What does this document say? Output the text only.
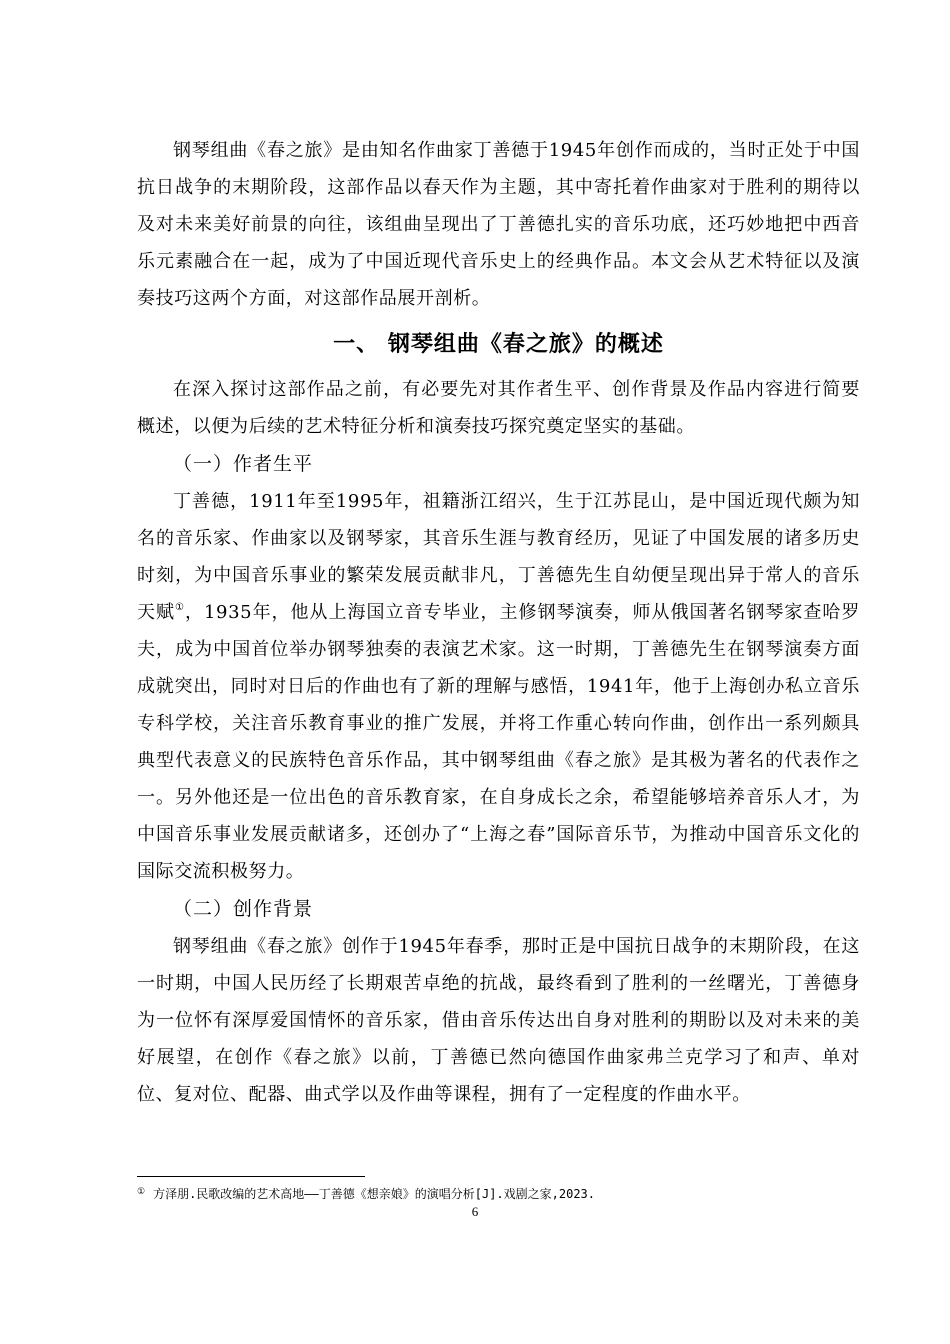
钢琴组曲《春之旅》是由知名作曲家丁善德于1945年创作而成的，当时正处于中国抗日战争的末期阶段，这部作品以春天作为主题，其中寄托着作曲家对于胜利的期待以及对未来美好前景的向往，该组曲呈现出了丁善德扎实的音乐功底，还巧妙地把中西音乐元素融合在一起，成为了中国近现代音乐史上的经典作品。本文会从艺术特征以及演奏技巧这两个方面，对这部作品展开剖析。

一、 钢琴组曲《春之旅》的概述

在深入探讨这部作品之前，有必要先对其作者生平、创作背景及作品内容进行简要概述，以便为后续的艺术特征分析和演奏技巧探究奠定坚实的基础。

（一）作者生平

丁善德，1911年至1995年，祖籍浙江绍兴，生于江苏昆山，是中国近现代颇为知名的音乐家、作曲家以及钢琴家，其音乐生涯与教育经历，见证了中国发展的诸多历史时刻，为中国音乐事业的繁荣发展贡献非凡，丁善德先生自幼便呈现出异于常人的音乐天赋①，1935年，他从上海国立音专毕业，主修钢琴演奏，师从俄国著名钢琴家查哈罗夫，成为中国首位举办钢琴独奏的表演艺术家。这一时期，丁善德先生在钢琴演奏方面成就突出，同时对日后的作曲也有了新的理解与感悟，1941年，他于上海创办私立音乐专科学校，关注音乐教育事业的推广发展，并将工作重心转向作曲，创作出一系列颇具典型代表意义的民族特色音乐作品，其中钢琴组曲《春之旅》是其极为著名的代表作之一。另外他还是一位出色的音乐教育家，在自身成长之余，希望能够培养音乐人才，为中国音乐事业发展贡献诸多，还创办了“上海之春”国际音乐节，为推动中国音乐文化的国际交流积极努力。

（二）创作背景

钢琴组曲《春之旅》创作于1945年春季，那时正是中国抗日战争的末期阶段，在这一时期，中国人民历经了长期艰苦卓绝的抗战，最终看到了胜利的一丝曙光，丁善德身为一位怀有深厚爱国情怀的音乐家，借由音乐传达出自身对胜利的期盼以及对未来的美好展望，在创作《春之旅》以前，丁善德已然向德国作曲家弗兰克学习了和声、单对位、复对位、配器、曲式学以及作曲等课程，拥有了一定程度的作曲水平。

① 方泽朋.民歌改编的艺术高地——丁善德《想亲娘》的演唱分析[J].戏剧之家,2023.
6
